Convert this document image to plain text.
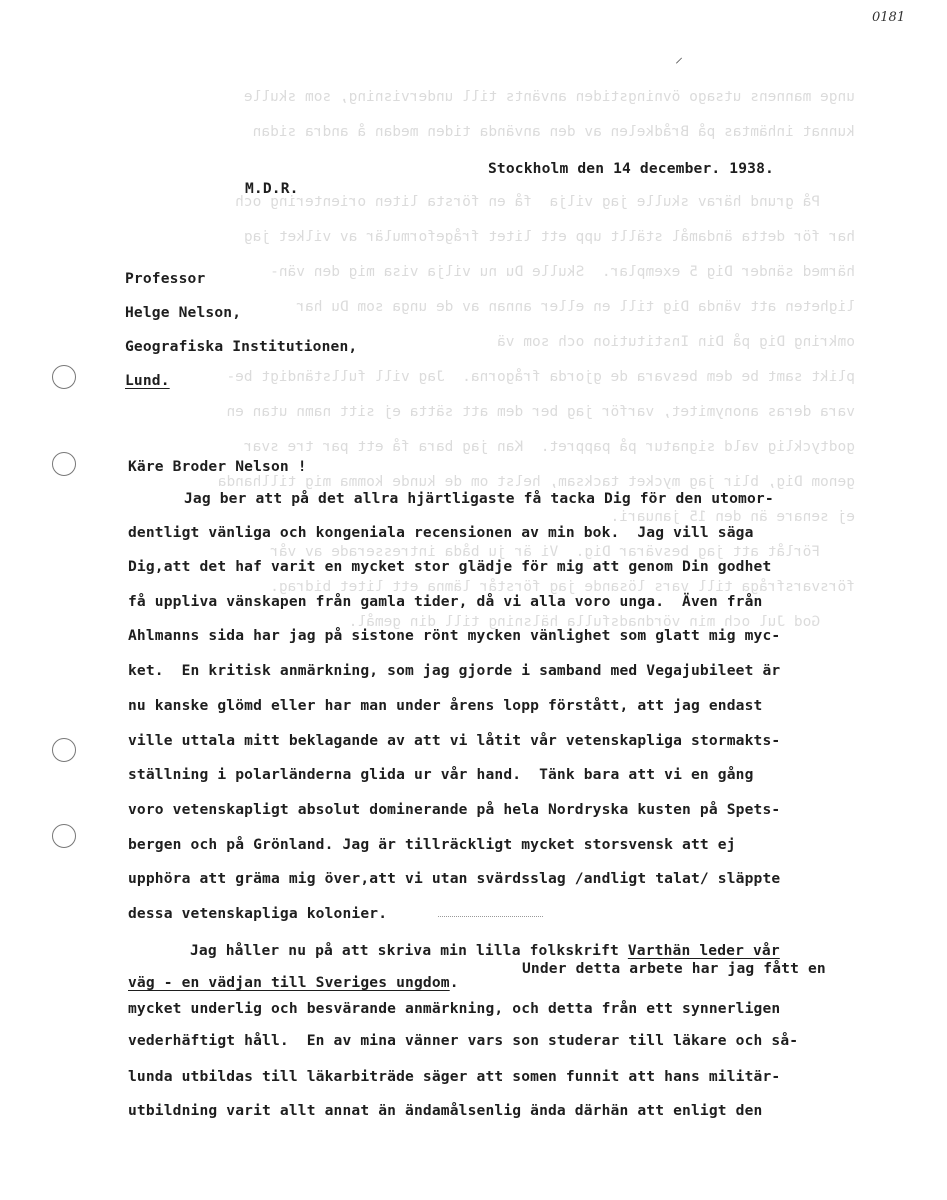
unge mannens utsago övningstiden använts till undervisning, som skulle
kunnat inhämtas på Brådkelen av den använda tiden medan å andra sidan

På grund härav skulle jag vilja  få en första liten orientering och
har för detta ändamål ställt upp ett litet frågeformulär av vilket jag
härmed sänder Dig 5 exemplar.  Skulle Du nu vilja visa mig den vän-
ligheten att vända Dig till en eller annan av de unga som Du har
omkring Dig på Din Institution och som vä
plikt samt be dem besvara de gjorda frågorna.  Jag vill fullständigt be-
vara deras anonymitet, varför jag ber dem att sätta ej sitt namn utan en
godtycklig vald signatur på pappret.  Kan jag bara få ett par tre svar
genom Dig, blir jag mycket tacksam, helst om de kunde komma mig tillhanda
ej senare än den 15 januari.
Förlåt att jag besvärar Dig.  Vi är ju båda intresserade av vår
försvarsfråga till vars lösande jag förstår lämna ett litet bidrag.
God Jul och min vördnadsfulla hälsning till din gemål.
0181
⸍
Stockholm den 14 december. 1938.
M.D.R.
Professor
Helge Nelson,
Geografiska Institutionen,
Lund.
Käre Broder Nelson !
Jag ber att på det allra hjärtligaste få tacka Dig för den utomor-
dentligt vänliga och kongeniala recensionen av min bok.  Jag vill säga
Dig,att det haf varit en mycket stor glädje för mig att genom Din godhet
få uppliva vänskapen från gamla tider, då vi alla voro unga.  Även från
Ahlmanns sida har jag på sistone rönt mycken vänlighet som glatt mig myc-
ket.  En kritisk anmärkning, som jag gjorde i samband med Vegajubileet är
nu kanske glömd eller har man under årens lopp förstått, att jag endast
ville uttala mitt beklagande av att vi låtit vår vetenskapliga stormakts-
ställning i polarländerna glida ur vår hand.  Tänk bara att vi en gång
voro vetenskapligt absolut dominerande på hela Nordryska kusten på Spets-
bergen och på Grönland. Jag är tillräckligt mycket storsvensk att ej
upphöra att gräma mig över,att vi utan svärdsslag /andligt talat/ släppte
dessa vetenskapliga kolonier.
Jag håller nu på att skriva min lilla folkskrift Varthän leder vår
väg - en vädjan till Sveriges ungdom.
Under detta arbete har jag fått en
mycket underlig och besvärande anmärkning, och detta från ett synnerligen
vederhäftigt håll.  En av mina vänner vars son studerar till läkare och så-
lunda utbildas till läkarbiträde säger att somen funnit att hans militär-
utbildning varit allt annat än ändamålsenlig ända därhän att enligt den
